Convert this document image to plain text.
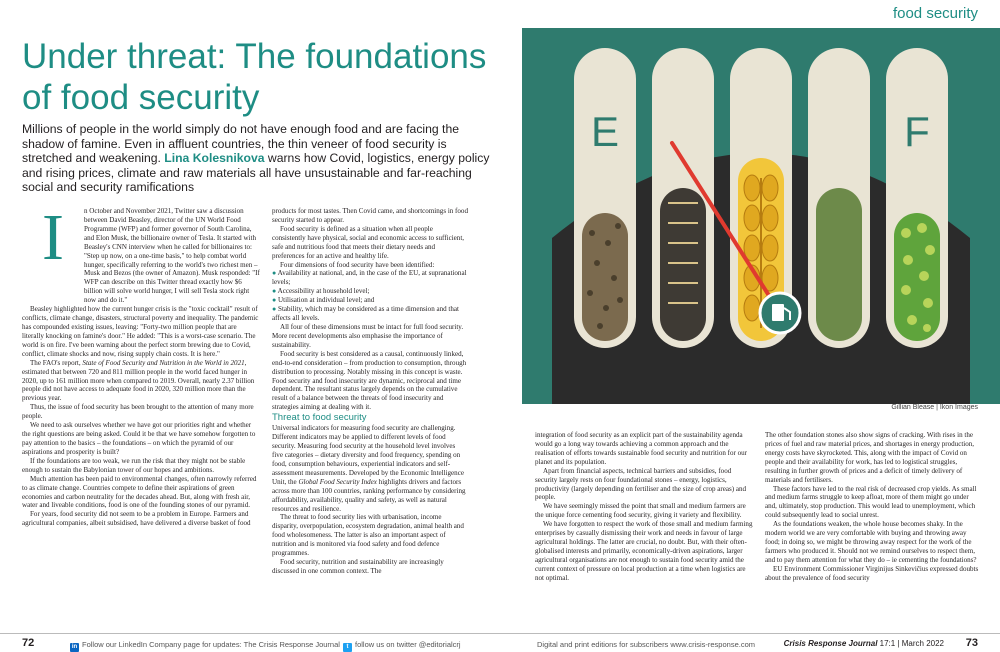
food security
Under threat: The foundations of food security
Millions of people in the world simply do not have enough food and are facing the shadow of famine. Even in affluent countries, the thin veneer of food security is stretched and weakening. Lina Kolesnikova warns how Covid, logistics, energy policy and rising prices, climate and raw materials all have unsustainable and far-reaching social and security ramifications
I	n October and November 2021, Twitter saw a discussion between David Beasley, director of the UN World Food Programme (WFP) and former governor of South Carolina, and Elon Musk, the billionaire owner of Tesla. It started with Beasley's CNN interview when he called for billionaires to: "Step up now, on a one-time basis," to help combat world hunger, specifically referring to the world's two richest men – Musk and Bezos (the owner of Amazon). Musk responded: "If WFP can describe on this Twitter thread exactly how $6 billion will solve world hunger, I will sell Tesla stock right now and do it."

Beasley highlighted how the current hunger crisis is the "toxic cocktail" result of conflicts, climate change, disasters, structural poverty and inequality. The pandemic has compounded existing issues, leaving: "Forty-two million people that are literally knocking on famine's door." He added: "This is a worst-case scenario. The world is on fire. I've been warning about the perfect storm brewing due to Covid, conflict, climate shocks and now, rising supply chain costs. It is here."

The FAO's report, State of Food Security and Nutrition in the World in 2021, estimated that between 720 and 811 million people in the world faced hunger in 2020, up to 161 million more when compared to 2019. Overall, nearly 2.37 billion people did not have access to adequate food in 2020, 320 million more than the previous year.

Thus, the issue of food security has been brought to the attention of many more people.

We need to ask ourselves whether we have got our priorities right and whether the right questions are being asked. Could it be that we have somehow forgotten to pay attention to the basics – the foundations – on which the pyramid of our aspirations and prosperity is built?

If the foundations are too weak, we run the risk that they might not be stable enough to sustain the Babylonian tower of our hopes and ambitions.

Much attention has been paid to environmental changes, often narrowly referred to as climate change. Countries compete to define their aspirations of green economies and carbon neutrality for the decades ahead. But, along with fresh air, water and liveable conditions, food is one of the founding stones of our pyramid.

For years, food security did not seem to be a problem in Europe. Farmers and agricultural companies, albeit subsidised, have delivered a diverse basket of food

products for most tastes. Then Covid came, and shortcomings in food security started to appear.

Food security is defined as a situation when all people consistently have physical, social and economic access to sufficient, safe and nutritious food that meets their dietary needs and preferences for an active and healthy life.

Four dimensions of food security have been identified:

● Availability at national, and, in the case of the EU, at supranational levels;

● Accessibility at household level;

● Utilisation at individual level; and

● Stability, which may be considered as a time dimension and that affects all levels.

All four of these dimensions must be intact for full food security. More recent developments also emphasise the importance of sustainability.

Food security is best considered as a causal, continuously linked, end-to-end consideration – from production to consumption, through distribution to processing. Notably missing in this concept is waste. Food security and food insecurity are dynamic, reciprocal and time dependent. The resultant status largely depends on the cumulative result of a balance between the threats of food insecurity and strategies aiming at dealing with it.

Threat to food security

Universal indicators for measuring food security are challenging. Different indicators may be applied to different levels of food security. Measuring food security at the household level involves five categories – dietary diversity and food frequency, spending on food, consumption behaviours, experiential indicators and self-assessment measurements. Developed by the Economic Intelligence Unit, the Global Food Security Index highlights drivers and factors across more than 100 countries, ranking performance by considering affordability, availability, quality and safety, as well as natural resources and resilience.

The threat to food security lies with urbanisation, income disparity, overpopulation, ecosystem degradation, animal health and food wholesomeness. The latter is also an important aspect of nutrition and is monitored via food safety and food defence programmes.

Food security, nutrition and sustainability are increasingly discussed in one common context. The

E	F
Gillian Blease | Ikon Images

integration of food security as an explicit part of the sustainability agenda would go a long way towards achieving a common approach and the realisation of efforts towards sustainable food security and nutrition for our planet and its population.

Apart from financial aspects, technical barriers and subsidies, food security largely rests on four foundational stones – energy, logistics, productivity (largely depending on fertiliser and the size of crop areas) and people.

We have seemingly missed the point that small and medium farmers are the unique force cementing food security, giving it variety and flexibility.

We have forgotten to respect the work of those small and medium farming enterprises by casually dismissing their work and needs in favour of large agricultural holdings. The latter are crucial, no doubt. But, with their often-globalised interests and primarily, economically-driven aspirations, larger agricultural organisations are not enough to sustain food security amid the current context of pressure on local production at a time when logistics are not optimal.

The other foundation stones also show signs of cracking. With rises in the prices of fuel and raw material prices, and shortages in energy production, energy costs have skyrocketed. This, along with the impact of Covid on people and their availability for work, has led to logistical struggles, resulting in further growth of prices and a deficit of timely delivery of materials and fertilisers.

These factors have led to the real risk of decreased crop yields. As small and medium farms struggle to keep afloat, more of them might go under and, ultimately, stop production. This would lead to unemployment, which could subsequently lead to social unrest.

As the foundations weaken, the whole house becomes shaky. In the modern world we are very comfortable with buying and throwing away food; in doing so, we might be throwing away respect for the work of the farmers who produced it. Should not we remind ourselves to respect them, and to pay them attention for what they do – ie cementing the foundations?

EU Environment Commissioner Virginijus Sinkevičius expressed doubts about the prevalence of food security

72	in Follow our LinkedIn Company page for updates: The Crisis Response Journal	t follow us on twitter @editorialcrj	Digital and print editions for subscribers www.crisis-response.com	Crisis Response Journal 17:1 | March 2022 73
